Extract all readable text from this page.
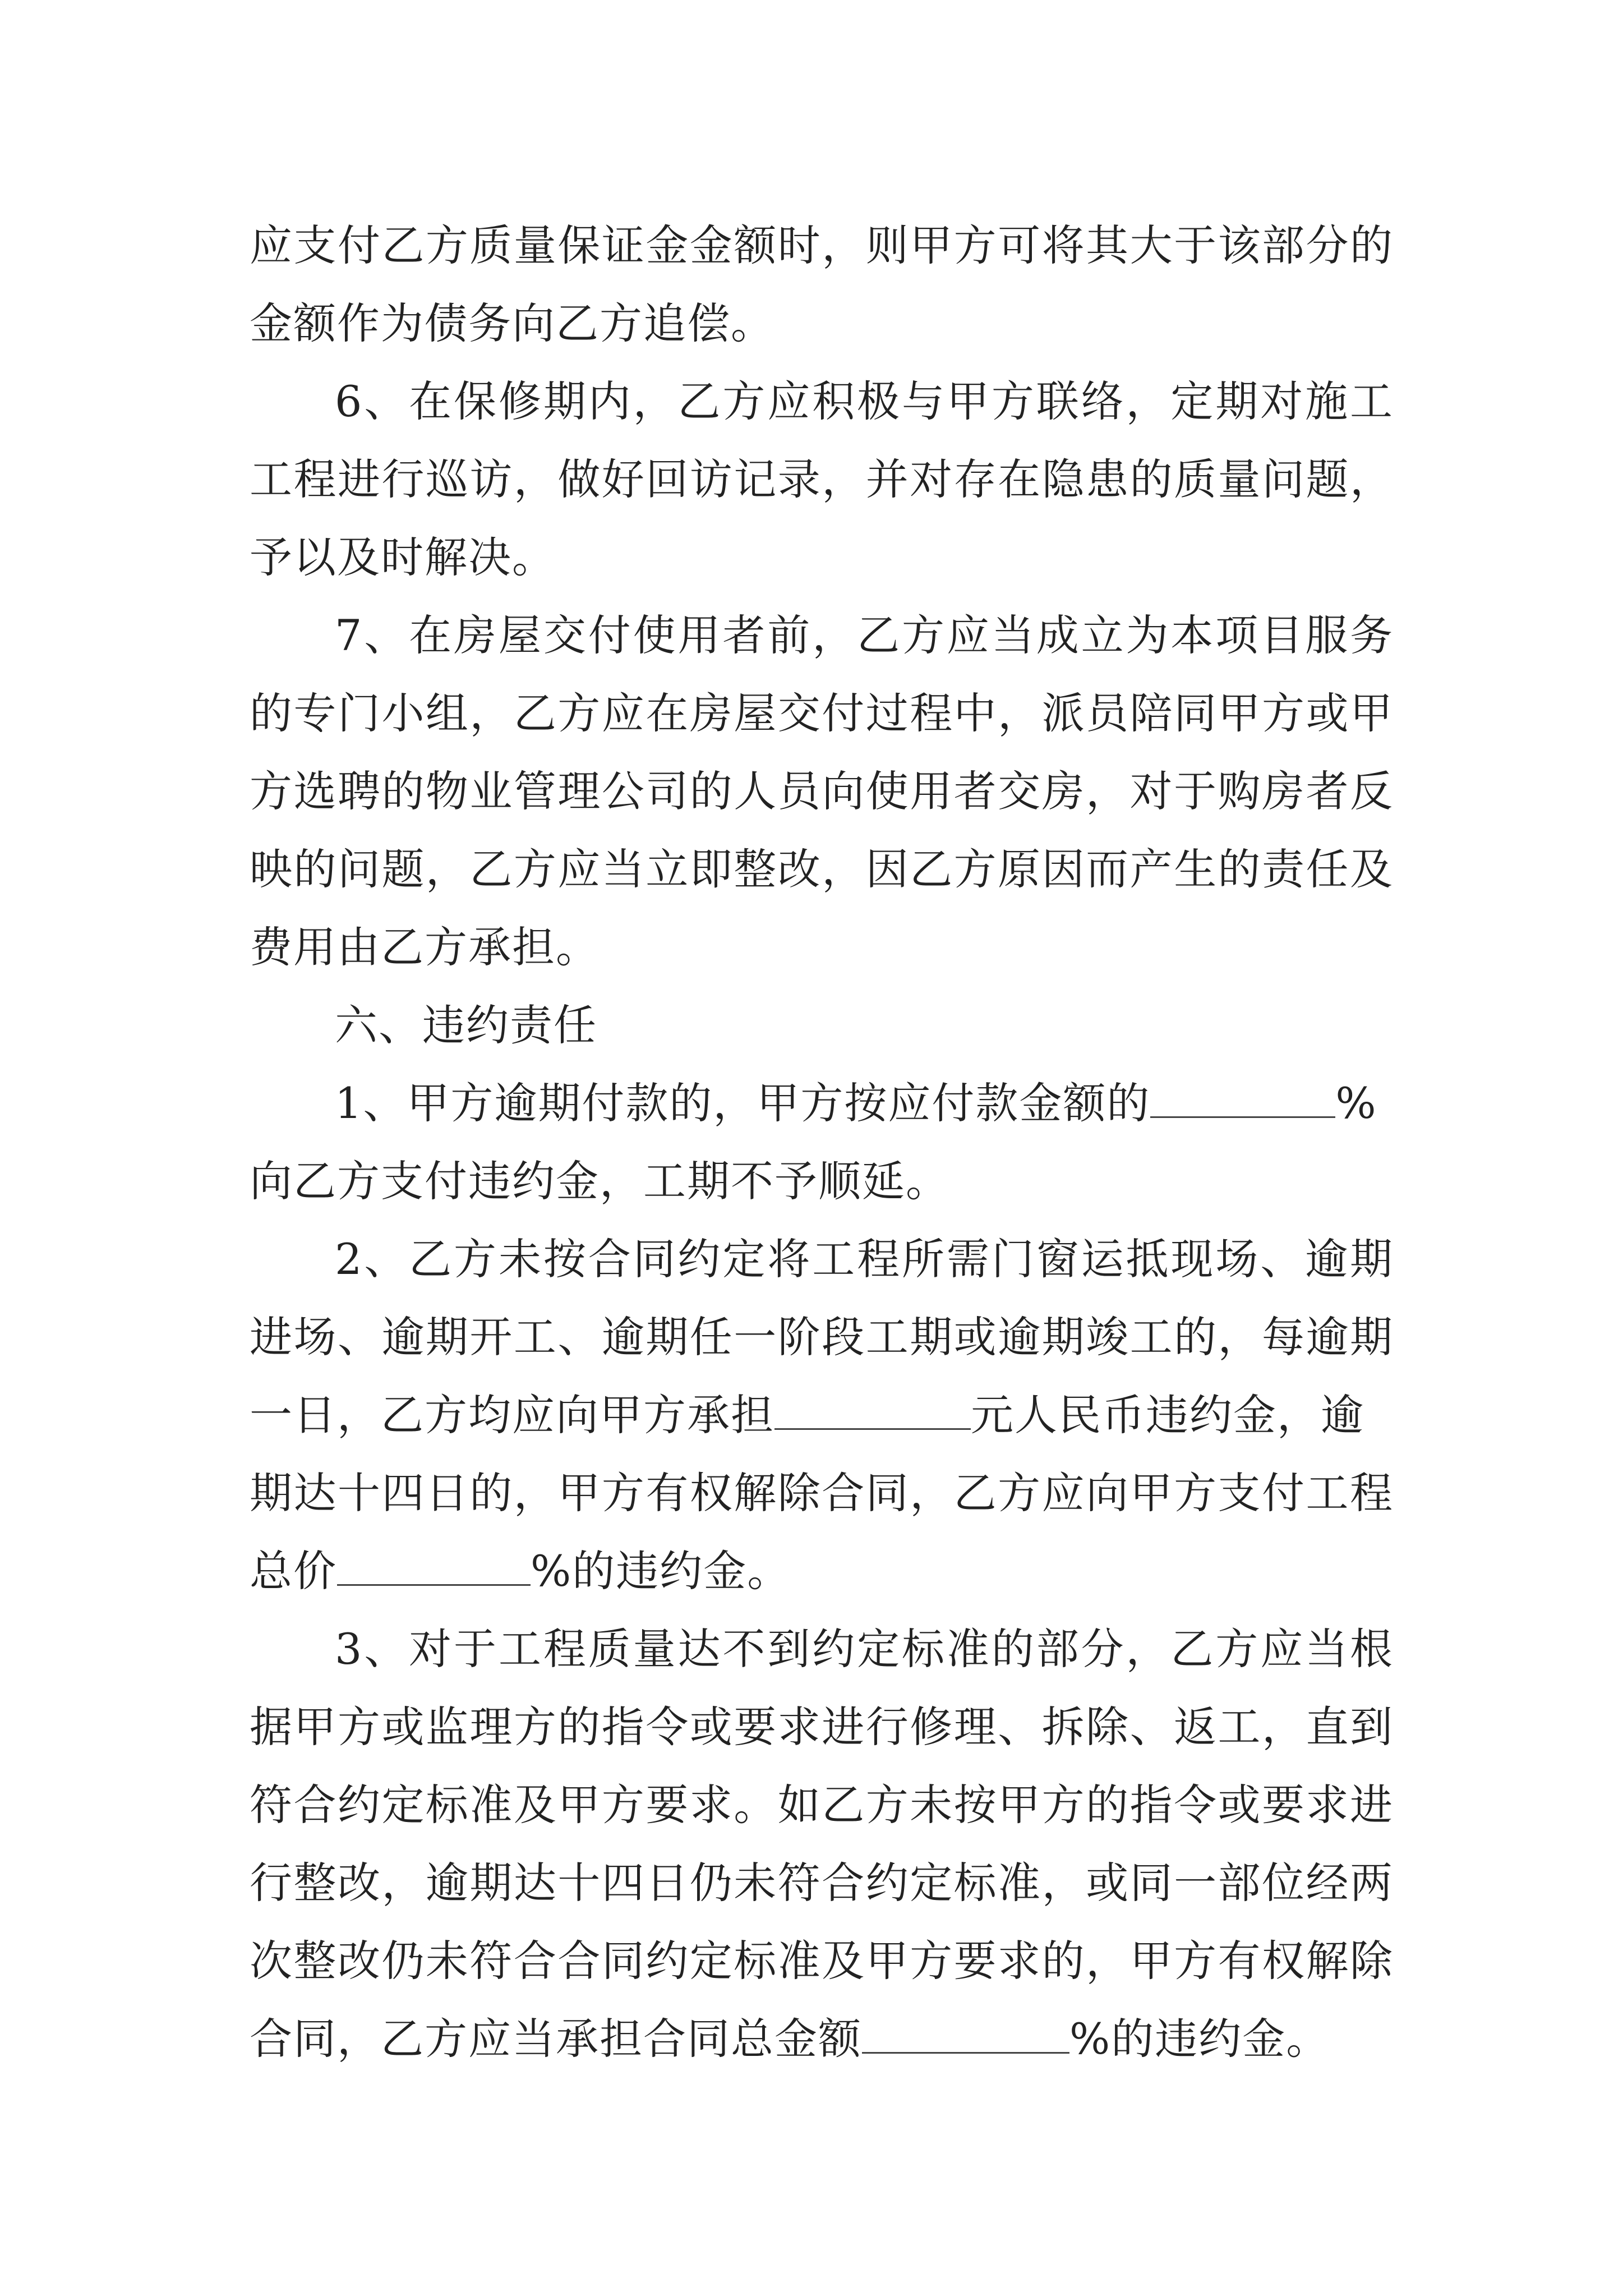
应支付乙方质量保证金金额时，则甲方可将其大于该部分的
金额作为债务向乙方追偿。
6、在保修期内，乙方应积极与甲方联络，定期对施工
工程进行巡访，做好回访记录，并对存在隐患的质量问题，
予以及时解决。
7、在房屋交付使用者前，乙方应当成立为本项目服务
的专门小组，乙方应在房屋交付过程中，派员陪同甲方或甲
方选聘的物业管理公司的人员向使用者交房，对于购房者反
映的问题，乙方应当立即整改，因乙方原因而产生的责任及
费用由乙方承担。
六、违约责任
1、甲方逾期付款的，甲方按应付款金额的	%
向乙方支付违约金，工期不予顺延。
2、乙方未按合同约定将工程所需门窗运抵现场、逾期
进场、逾期开工、逾期任一阶段工期或逾期竣工的，每逾期
一日，乙方均应向甲方承担	元人民币违约金，逾
期达十四日的，甲方有权解除合同，乙方应向甲方支付工程
总价	%的违约金。
3、对于工程质量达不到约定标准的部分，乙方应当根
据甲方或监理方的指令或要求进行修理、拆除、返工，直到
符合约定标准及甲方要求。如乙方未按甲方的指令或要求进
行整改，逾期达十四日仍未符合约定标准，或同一部位经两
次整改仍未符合合同约定标准及甲方要求的，甲方有权解除
合同，乙方应当承担合同总金额	%的违约金。
